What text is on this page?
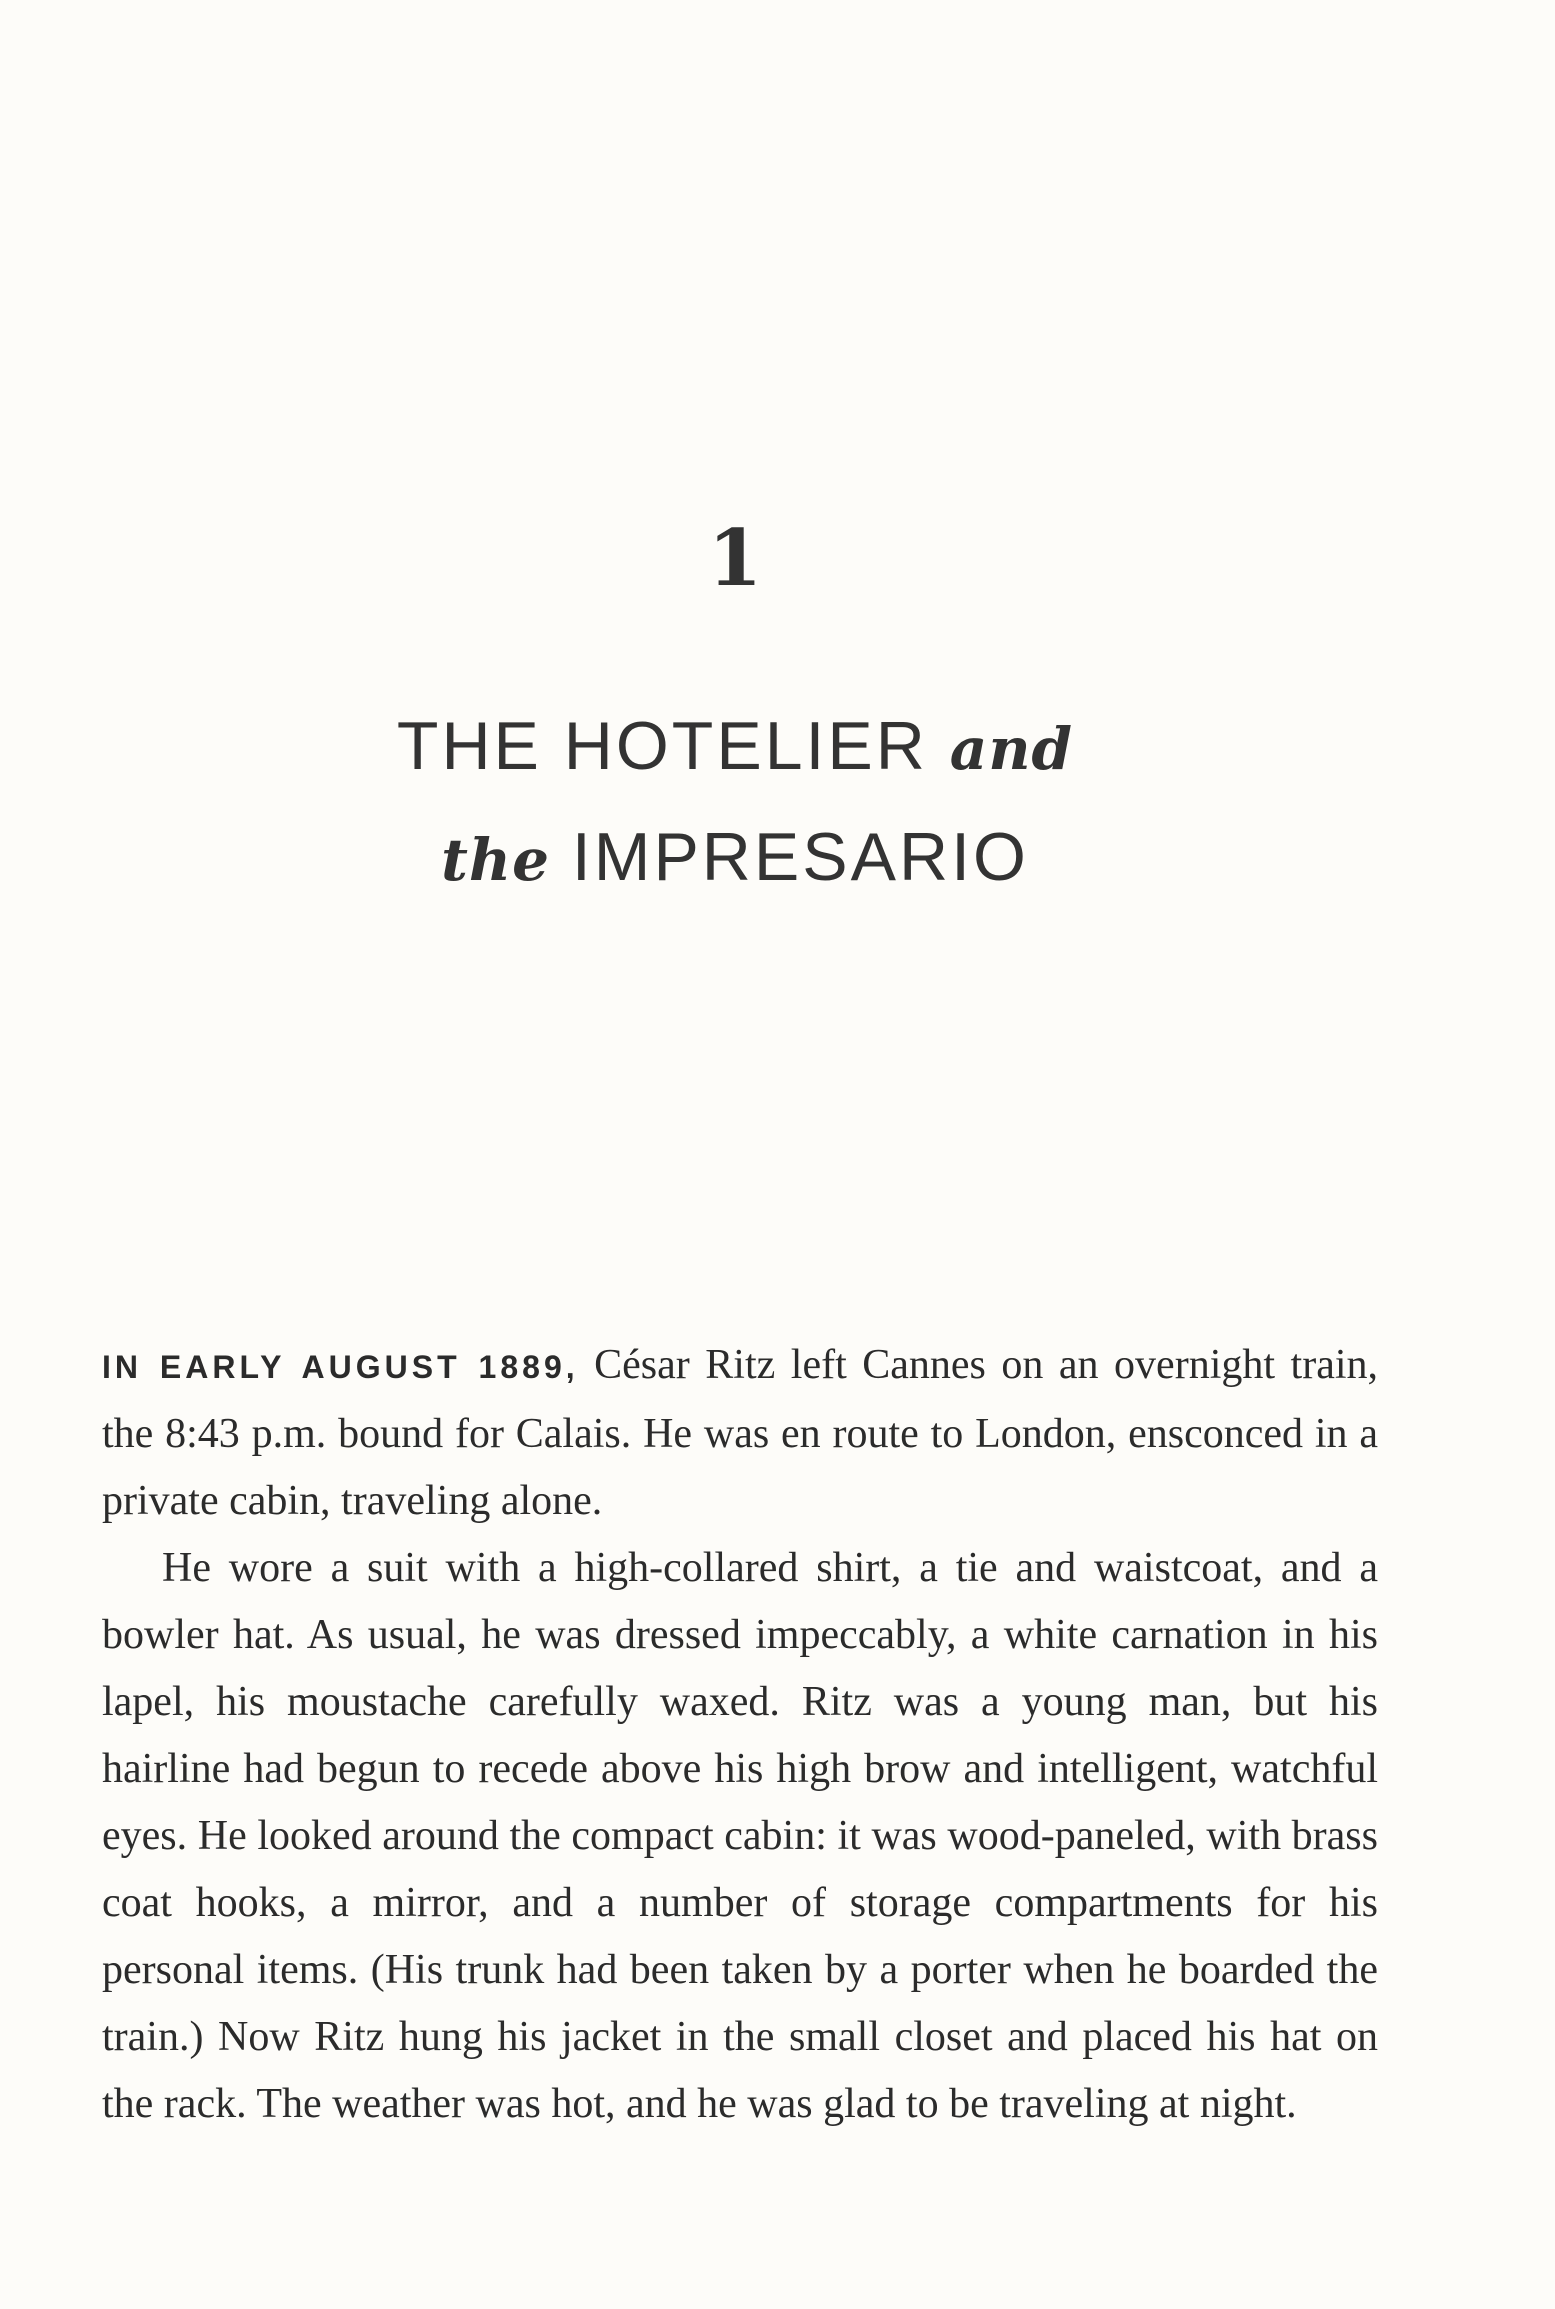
1
THE HOTELIER and
the IMPRESARIO

IN EARLY AUGUST 1889, César Ritz left Cannes on an overnight train, the 8:43 p.m. bound for Calais. He was en route to London, ensconced in a private cabin, traveling alone.

He wore a suit with a high-collared shirt, a tie and waistcoat, and a bowler hat. As usual, he was dressed impeccably, a white carnation in his lapel, his moustache carefully waxed. Ritz was a young man, but his hairline had begun to recede above his high brow and intelligent, watchful eyes. He looked around the compact cabin: it was wood-paneled, with brass coat hooks, a mirror, and a number of storage compartments for his personal items. (His trunk had been taken by a porter when he boarded the train.) Now Ritz hung his jacket in the small closet and placed his hat on the rack. The weather was hot, and he was glad to be traveling at night.
